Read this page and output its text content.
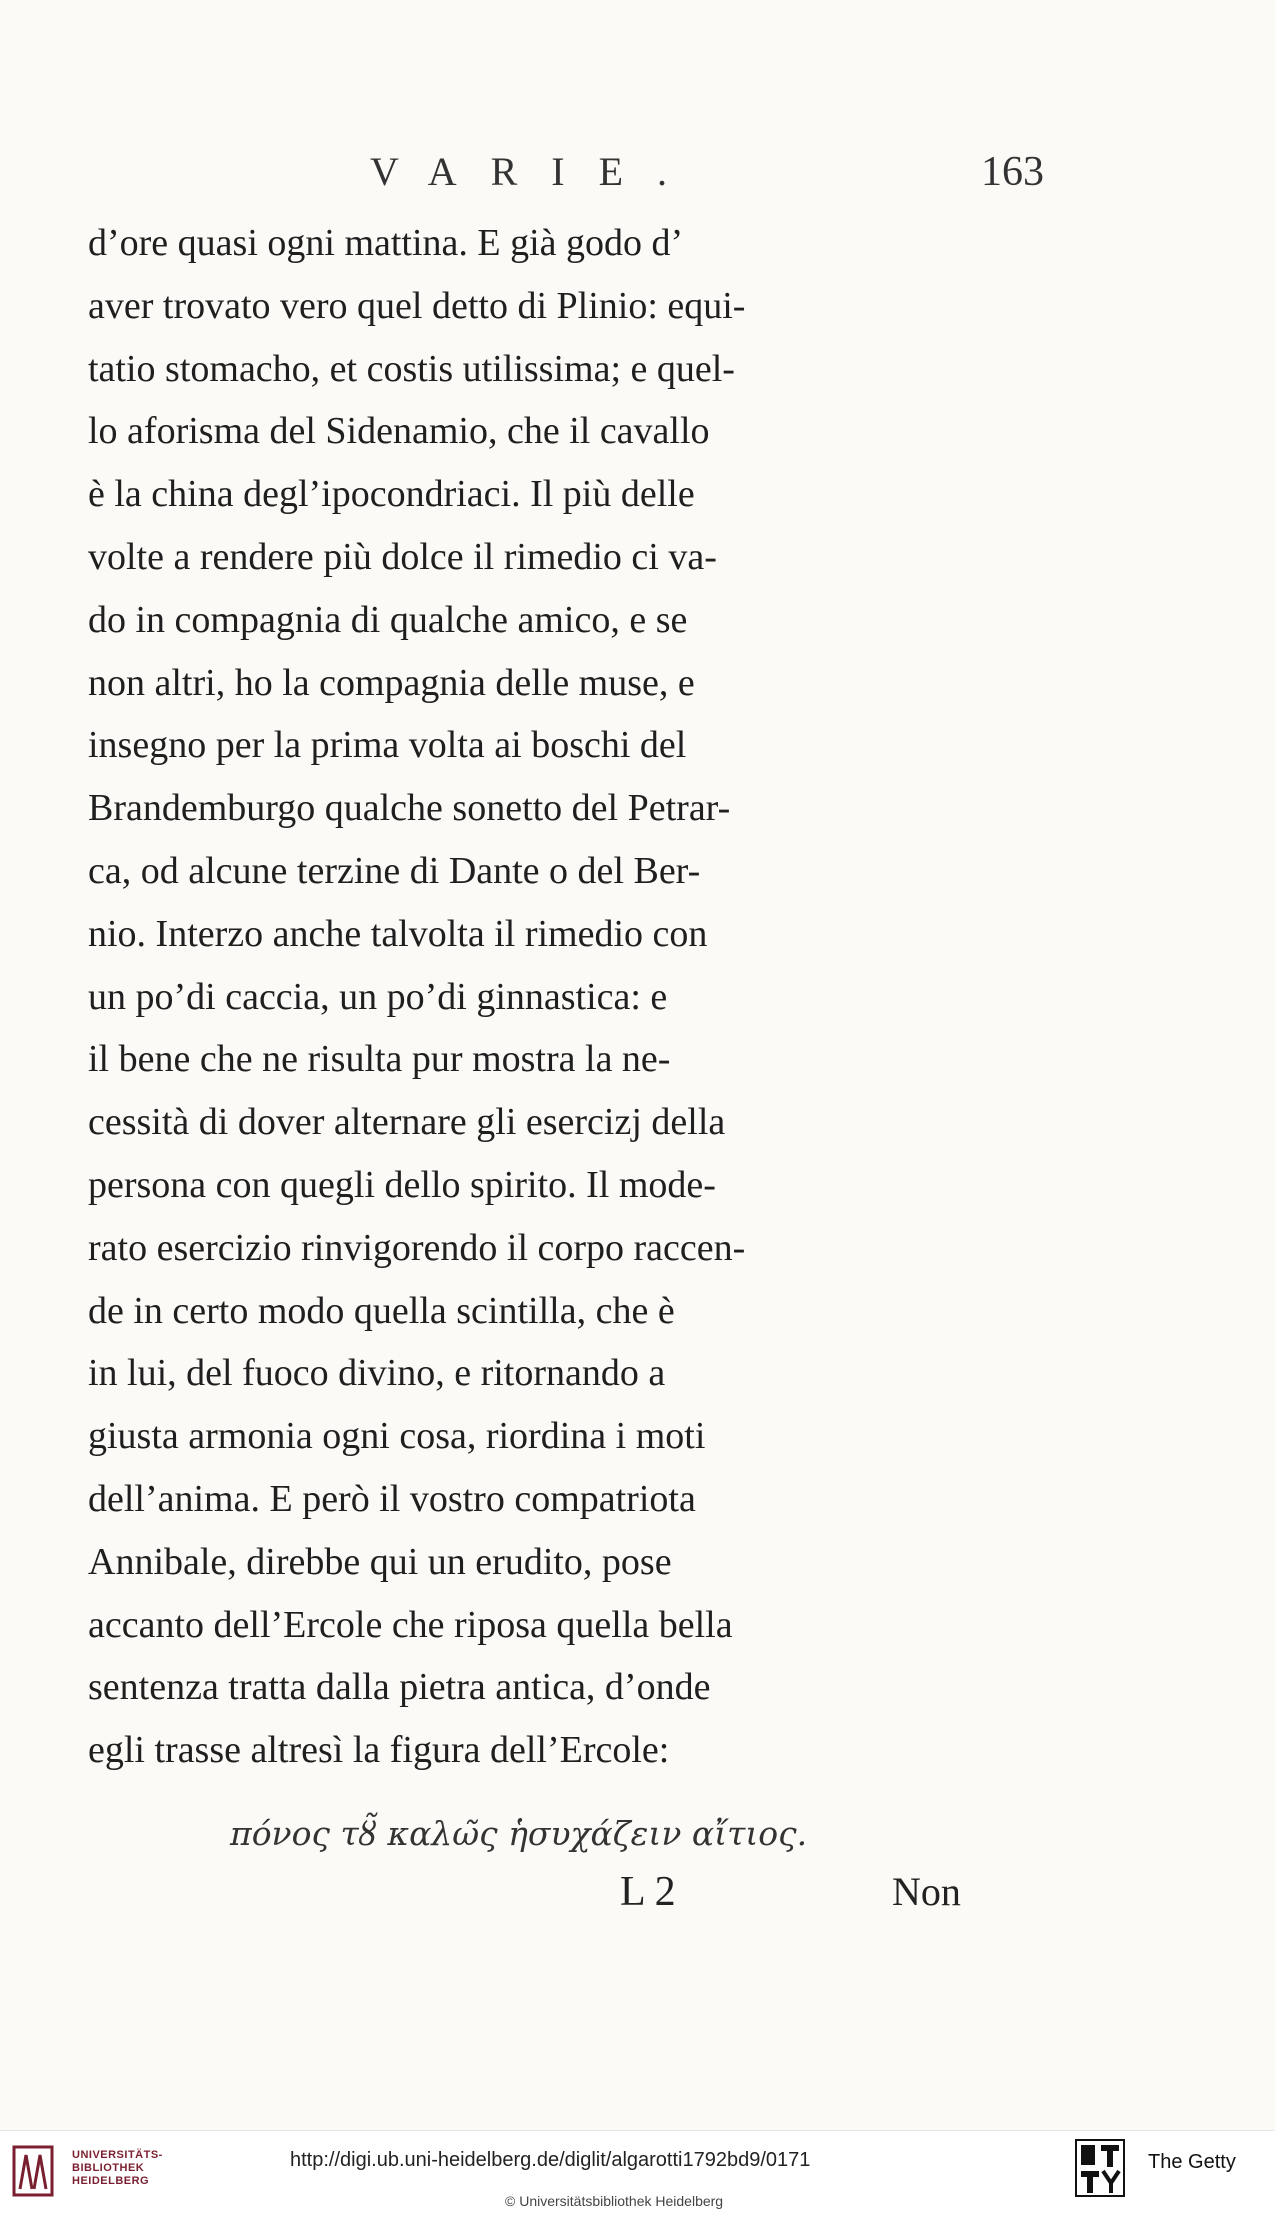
VARIE.	163
d’ore quasi ogni mattina. E già godo d’
aver trovato vero quel detto di Plinio: equi-
tatio stomacho, et costis utilissima; e quel-
lo aforisma del Sidenamio, che il cavallo
è la china degl’ipocondriaci. Il più delle
volte a rendere più dolce il rimedio ci va-
do in compagnia di qualche amico, e se
non altri, ho la compagnia delle muse, e
insegno per la prima volta ai boschi del
Brandemburgo qualche sonetto del Petrar-
ca, od alcune terzine di Dante o del Ber-
nio. Interzo anche talvolta il rimedio con
un po’di caccia, un po’di ginnastica: e
il bene che ne risulta pur mostra la ne-
cessità di dover alternare gli esercizj della
persona con quegli dello spirito. Il mode-
rato esercizio rinvigorendo il corpo raccen-
de in certo modo quella scintilla, che è
in lui, del fuoco divino, e ritornando a
giusta armonia ogni cosa, riordina i moti
dell’anima. E però il vostro compatriota
Annibale, direbbe qui un erudito, pose
accanto dell’Ercole che riposa quella bella
sentenza tratta dalla pietra antica, d’onde
egli trasse altresì la figura dell’Ercole:
πόνος τȣ̃ καλω̃ς ἡσυχάζειν αἴτιος.
L 2	Non
UNIVERSITÄTS-
BIBLIOTHEK
HEIDELBERG
http://digi.ub.uni-heidelberg.de/diglit/algarotti1792bd9/0171
© Universitätsbibliothek Heidelberg
The Getty
